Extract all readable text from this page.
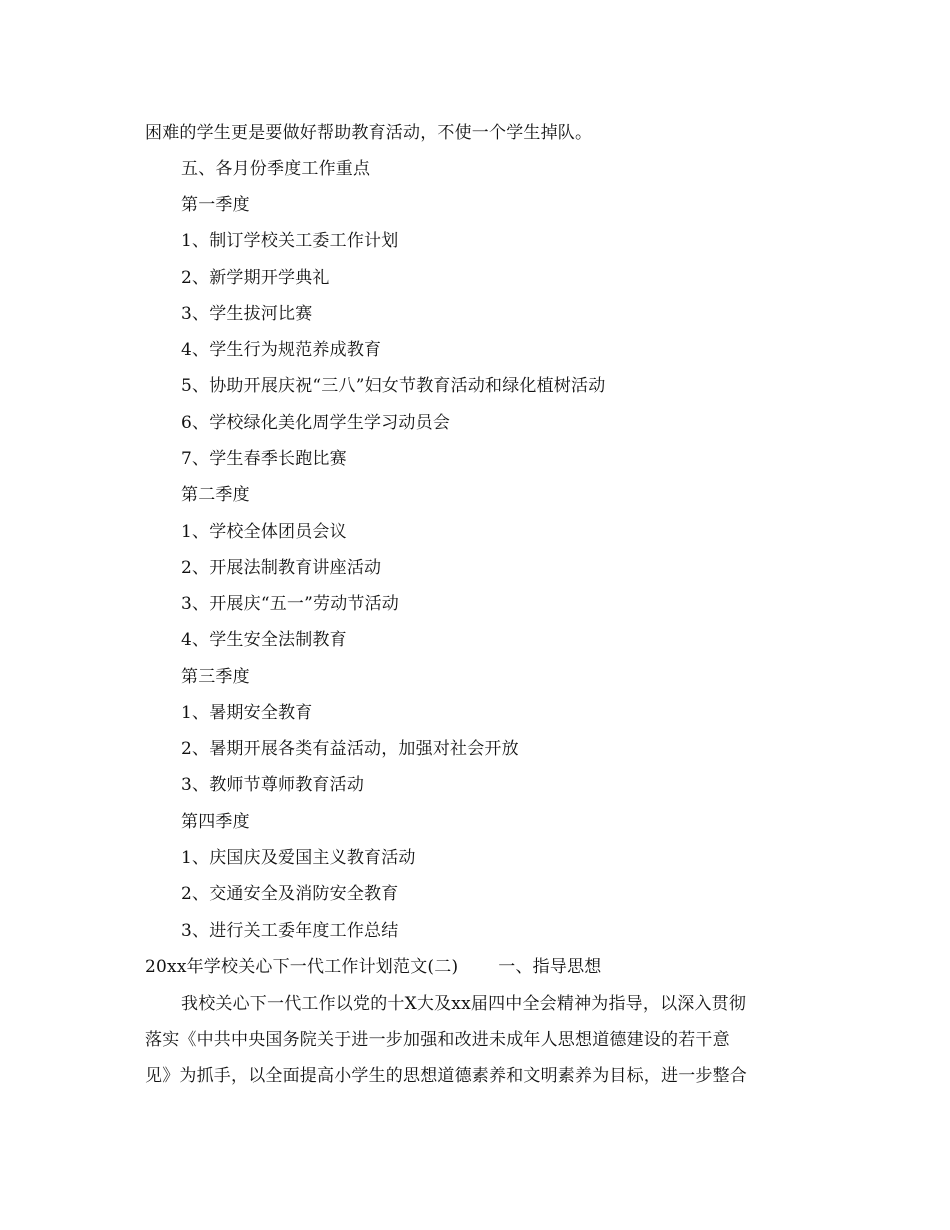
困难的学生更是要做好帮助教育活动，不使一个学生掉队。
五、各月份季度工作重点
第一季度
1、制订学校关工委工作计划
2、新学期开学典礼
3、学生拔河比赛
4、学生行为规范养成教育
5、协助开展庆祝“三八”妇女节教育活动和绿化植树活动
6、学校绿化美化周学生学习动员会
7、学生春季长跑比赛
第二季度
1、学校全体团员会议
2、开展法制教育讲座活动
3、开展庆“五一”劳动节活动
4、学生安全法制教育
第三季度
1、暑期安全教育
2、暑期开展各类有益活动，加强对社会开放
3、教师节尊师教育活动
第四季度
1、庆国庆及爱国主义教育活动
2、交通安全及消防安全教育
3、进行关工委年度工作总结
20xx年学校关心下一代工作计划范文(二) 一、指导思想
我校关心下一代工作以党的十X大及xx届四中全会精神为指导，以深入贯彻
落实《中共中央国务院关于进一步加强和改进未成年人思想道德建设的若干意
见》为抓手，以全面提高小学生的思想道德素养和文明素养为目标，进一步整合
